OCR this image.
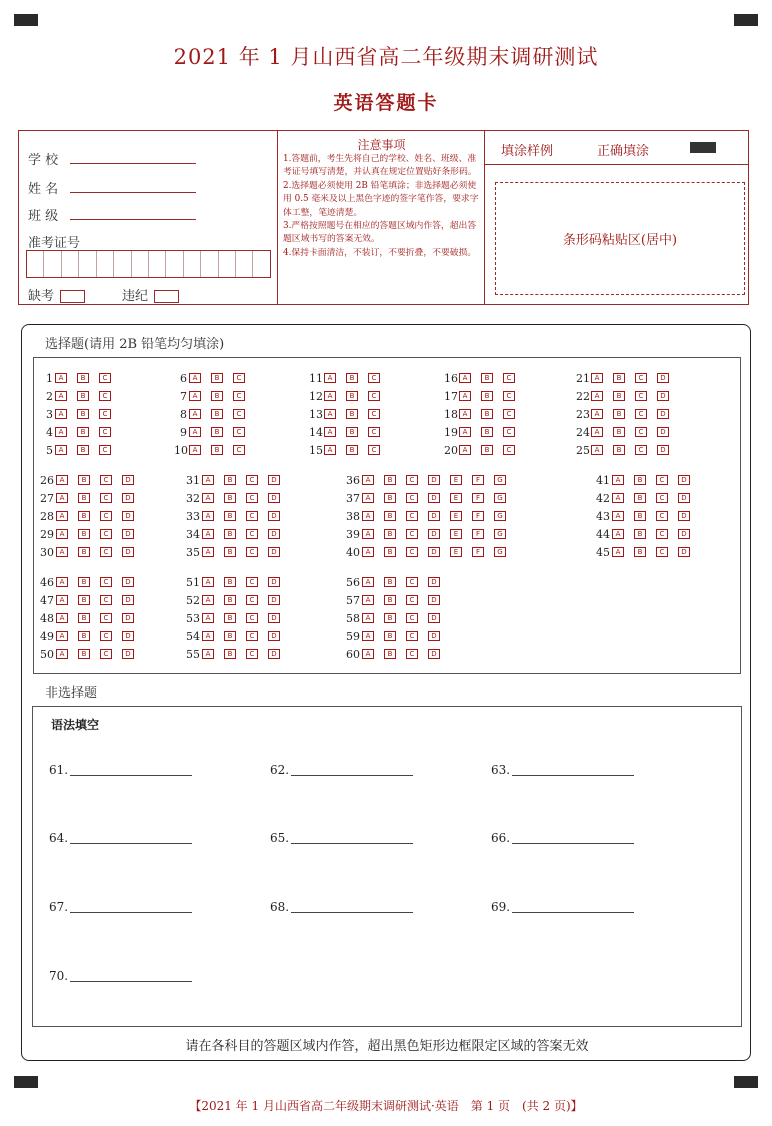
2021 年 1 月山西省高二年级期末调研测试
英语答题卡
学 校
姓 名
班 级
准考证号
缺考	违纪
注意事项
1.答题前，考生先将自己的学校、姓名、班级、准考证号填写清楚，并认真在规定位置贴好条形码。
2.选择题必须使用 2B 铅笔填涂；非选择题必须使用 0.5 毫米及以上黑色字迹的签字笔作答，要求字体工整，笔迹清楚。
3.严格按照题号在相应的答题区域内作答，超出答题区域书写的答案无效。
4.保持卡面清洁，不装订，不要折叠，不要破损。
填涂样例	正确填涂
条形码粘贴区(居中)
选择题(请用 2B 铅笔均匀填涂)
1 A	B	C
2 A	B	C
3 A	B	C
4 A	B	C
5 A	B	C
6 A	B	C
7 A	B	C
8 A	B	C
9 A	B	C
10 A	B	C
11 A	B	C
12 A	B	C
13 A	B	C
14 A	B	C
15 A	B	C
16 A	B	C
17 A	B	C
18 A	B	C
19 A	B	C
20 A	B	C
21 A	B	C	D
22 A	B	C	D
23 A	B	C	D
24 A	B	C	D
25 A	B	C	D
26 A	B	C	D
27 A	B	C	D
28 A	B	C	D
29 A	B	C	D
30 A	B	C	D
31 A	B	C	D
32 A	B	C	D
33 A	B	C	D
34 A	B	C	D
35 A	B	C	D
36 A	B	C	D	E	F	G
37 A	B	C	D	E	F	G
38 A	B	C	D	E	F	G
39 A	B	C	D	E	F	G
40 A	B	C	D	E	F	G
41 A	B	C	D
42 A	B	C	D
43 A	B	C	D
44 A	B	C	D
45 A	B	C	D
46 A	B	C	D
47 A	B	C	D
48 A	B	C	D
49 A	B	C	D
50 A	B	C	D
51 A	B	C	D
52 A	B	C	D
53 A	B	C	D
54 A	B	C	D
55 A	B	C	D
56 A	B	C	D
57 A	B	C	D
58 A	B	C	D
59 A	B	C	D
60 A	B	C	D
非选择题
语法填空
61.	62.	63.
64.	65.	66.
67.	68.	69.
70.
请在各科目的答题区域内作答，超出黑色矩形边框限定区域的答案无效
【2021 年 1 月山西省高二年级期末调研测试·英语　第 1 页　(共 2 页)】
